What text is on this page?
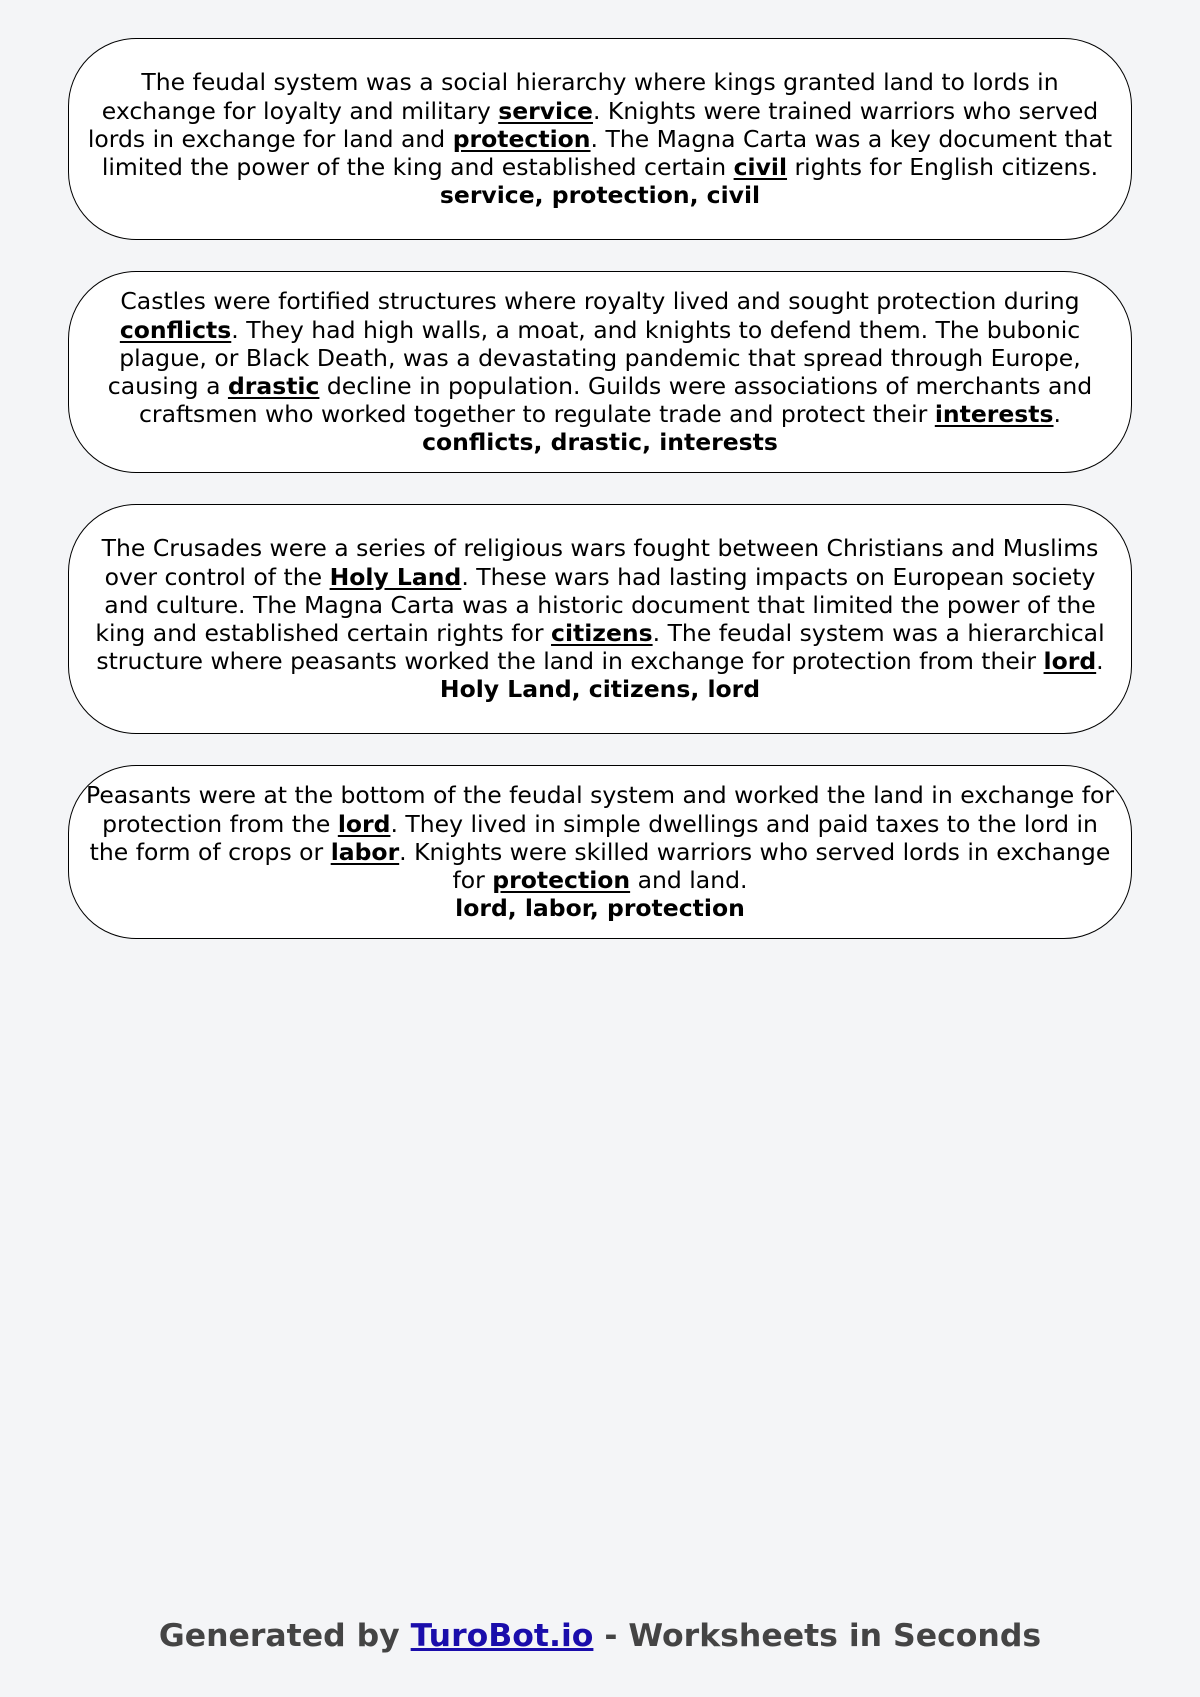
The feudal system was a social hierarchy where kings granted land to lords in exchange for loyalty and military service. Knights were trained warriors who served lords in exchange for land and protection. The Magna Carta was a key document that limited the power of the king and established certain civil rights for English citizens.
service, protection, civil
Castles were fortified structures where royalty lived and sought protection during conflicts. They had high walls, a moat, and knights to defend them. The bubonic plague, or Black Death, was a devastating pandemic that spread through Europe, causing a drastic decline in population. Guilds were associations of merchants and craftsmen who worked together to regulate trade and protect their interests.
conflicts, drastic, interests
The Crusades were a series of religious wars fought between Christians and Muslims over control of the Holy Land. These wars had lasting impacts on European society and culture. The Magna Carta was a historic document that limited the power of the king and established certain rights for citizens. The feudal system was a hierarchical structure where peasants worked the land in exchange for protection from their lord.
Holy Land, citizens, lord
Peasants were at the bottom of the feudal system and worked the land in exchange for protection from the lord. They lived in simple dwellings and paid taxes to the lord in the form of crops or labor. Knights were skilled warriors who served lords in exchange for protection and land.
lord, labor, protection
Generated by TuroBot.io - Worksheets in Seconds
